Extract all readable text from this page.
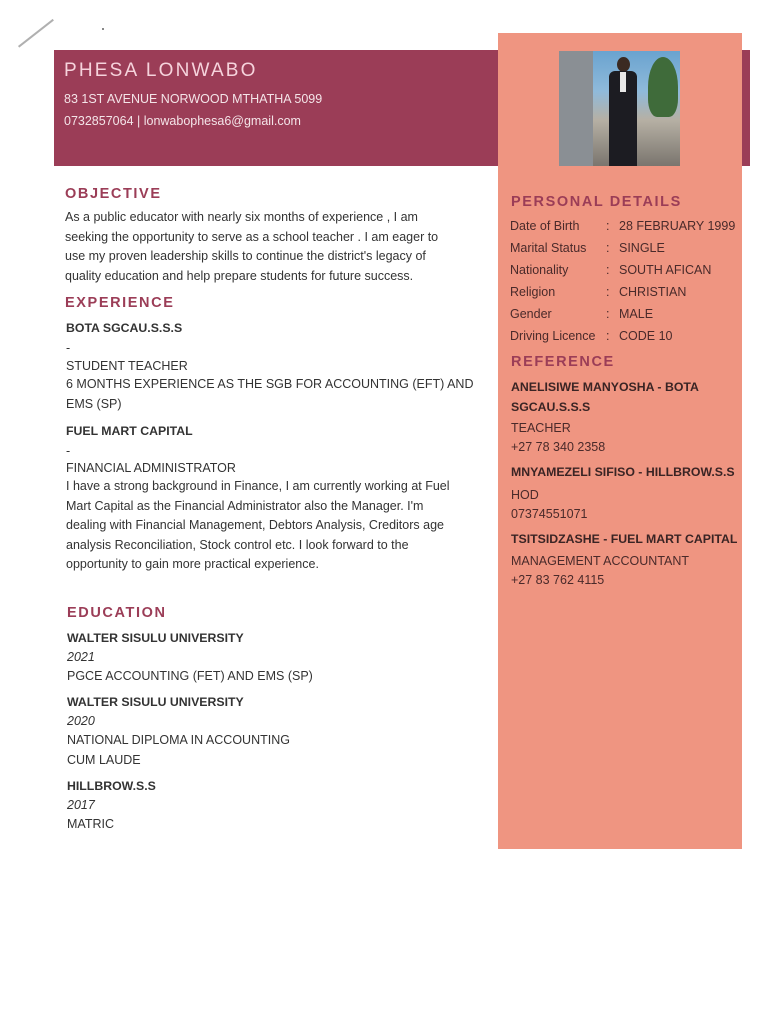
PHESA LONWABO
83 1ST AVENUE NORWOOD MTHATHA 5099
0732857064 | lonwabophesa6@gmail.com
OBJECTIVE
As a public educator with nearly six months of experience , I am
seeking the opportunity to serve as a school teacher . I am eager to
use my proven leadership skills to continue the district's legacy of
quality education and help prepare students for future success.
EXPERIENCE
BOTA SGCAU.S.S.S
-
STUDENT TEACHER
6 MONTHS EXPERIENCE AS THE SGB FOR ACCOUNTING (EFT) AND
EMS (SP)
FUEL MART CAPITAL
-
FINANCIAL ADMINISTRATOR
I have a strong background in Finance, I am currently working at Fuel
Mart Capital as the Financial Administrator also the Manager. I'm
dealing with Financial Management, Debtors Analysis, Creditors age
analysis Reconciliation, Stock control etc. I look forward to the
opportunity to gain more practical experience.
EDUCATION
WALTER SISULU UNIVERSITY
2021
PGCE ACCOUNTING (FET) AND EMS (SP)
WALTER SISULU UNIVERSITY
2020
NATIONAL DIPLOMA IN ACCOUNTING
CUM LAUDE
HILLBROW.S.S
2017
MATRIC
PERSONAL DETAILS
Date of Birth : 28 FEBRUARY 1999
Marital Status : SINGLE
Nationality	: SOUTH AFICAN
Religion	: CHRISTIAN
Gender	: MALE
Driving Licence : CODE 10
REFERENCE
ANELISIWE MANYOSHA - BOTA SGCAU.S.S.S
TEACHER
+27 78 340 2358
MNYAMEZELI SIFISO - HILLBROW.S.S
HOD
07374551071
TSITSIDZASHE - FUEL MART CAPITAL
MANAGEMENT ACCOUNTANT
+27 83 762 4115
